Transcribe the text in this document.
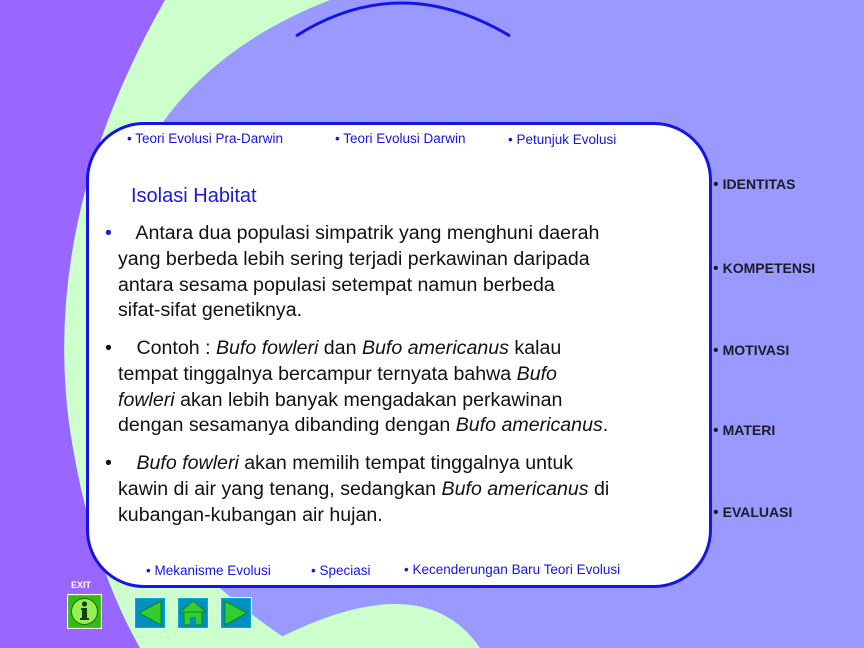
• Teori Evolusi Pra-Darwin	• Teori Evolusi Darwin	• Petunjuk Evolusi
Isolasi Habitat
• Antara dua populasi simpatrik yang menghuni daerah
yang berbeda lebih sering terjadi perkawinan daripada
antara sesama populasi setempat namun berbeda
sifat-sifat genetiknya.
• Contoh : Bufo fowleri dan Bufo americanus kalau
tempat tinggalnya bercampur ternyata bahwa Bufo
fowleri akan lebih banyak mengadakan perkawinan
dengan sesamanya dibanding dengan Bufo americanus.
• Bufo fowleri akan memilih tempat tinggalnya untuk
kawin di air yang tenang, sedangkan Bufo americanus di
kubangan-kubangan air hujan.
• Mekanisme Evolusi	• Speciasi • Kecenderungan Baru Teori Evolusi
• IDENTITAS
• KOMPETENSI
• MOTIVASI
• MATERI
• EVALUASI
EXIT
